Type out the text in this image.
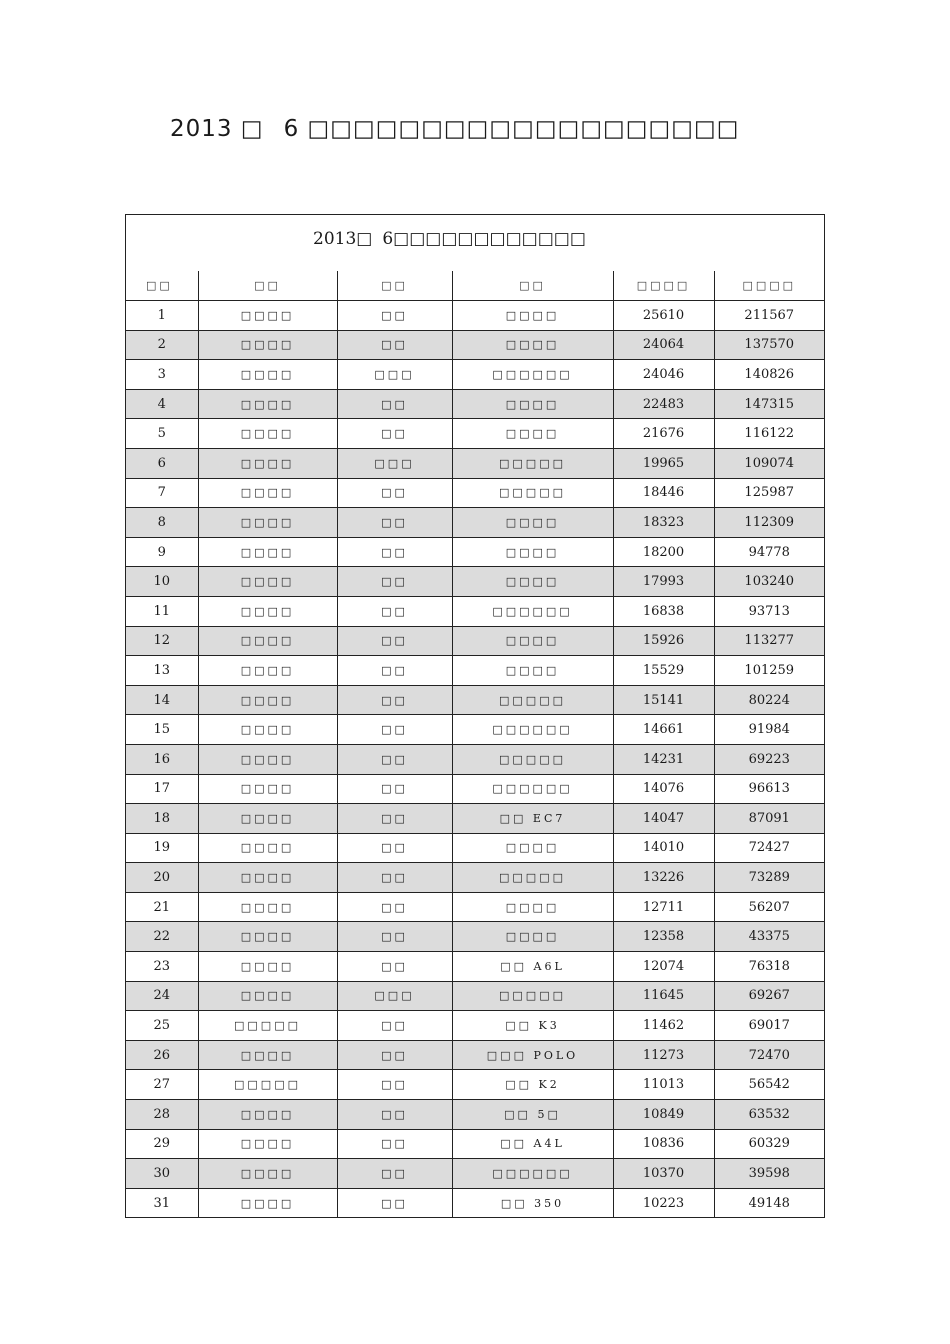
2013 □ 6 □□□□□□□□□□□□□□□□□□□
2013□ 6□□□□□□□□□□□□
□□	□□	□□	□□	□□□□	□□□□
1	□□□□	□□	□□□□	25610	211567
2	□□□□	□□	□□□□	24064	137570
3	□□□□	□□□	□□□□□□	24046	140826
4	□□□□	□□	□□□□	22483	147315
5	□□□□	□□	□□□□	21676	116122
6	□□□□	□□□	□□□□□	19965	109074
7	□□□□	□□	□□□□□	18446	125987
8	□□□□	□□	□□□□	18323	112309
9	□□□□	□□	□□□□	18200	94778
10	□□□□	□□	□□□□	17993	103240
11	□□□□	□□	□□□□□□	16838	93713
12	□□□□	□□	□□□□	15926	113277
13	□□□□	□□	□□□□	15529	101259
14	□□□□	□□	□□□□□	15141	80224
15	□□□□	□□	□□□□□□	14661	91984
16	□□□□	□□	□□□□□	14231	69223
17	□□□□	□□	□□□□□□	14076	96613
18	□□□□	□□	□□ EC7	14047	87091
19	□□□□	□□	□□□□	14010	72427
20	□□□□	□□	□□□□□	13226	73289
21	□□□□	□□	□□□□	12711	56207
22	□□□□	□□	□□□□	12358	43375
23	□□□□	□□	□□ A6L	12074	76318
24	□□□□	□□□	□□□□□	11645	69267
25	□□□□□	□□	□□ K3	11462	69017
26	□□□□	□□	□□□ POLO	11273	72470
27	□□□□□	□□	□□ K2	11013	56542
28	□□□□	□□	□□ 5□	10849	63532
29	□□□□	□□	□□ A4L	10836	60329
30	□□□□	□□	□□□□□□	10370	39598
31	□□□□	□□	□□ 350	10223	49148
